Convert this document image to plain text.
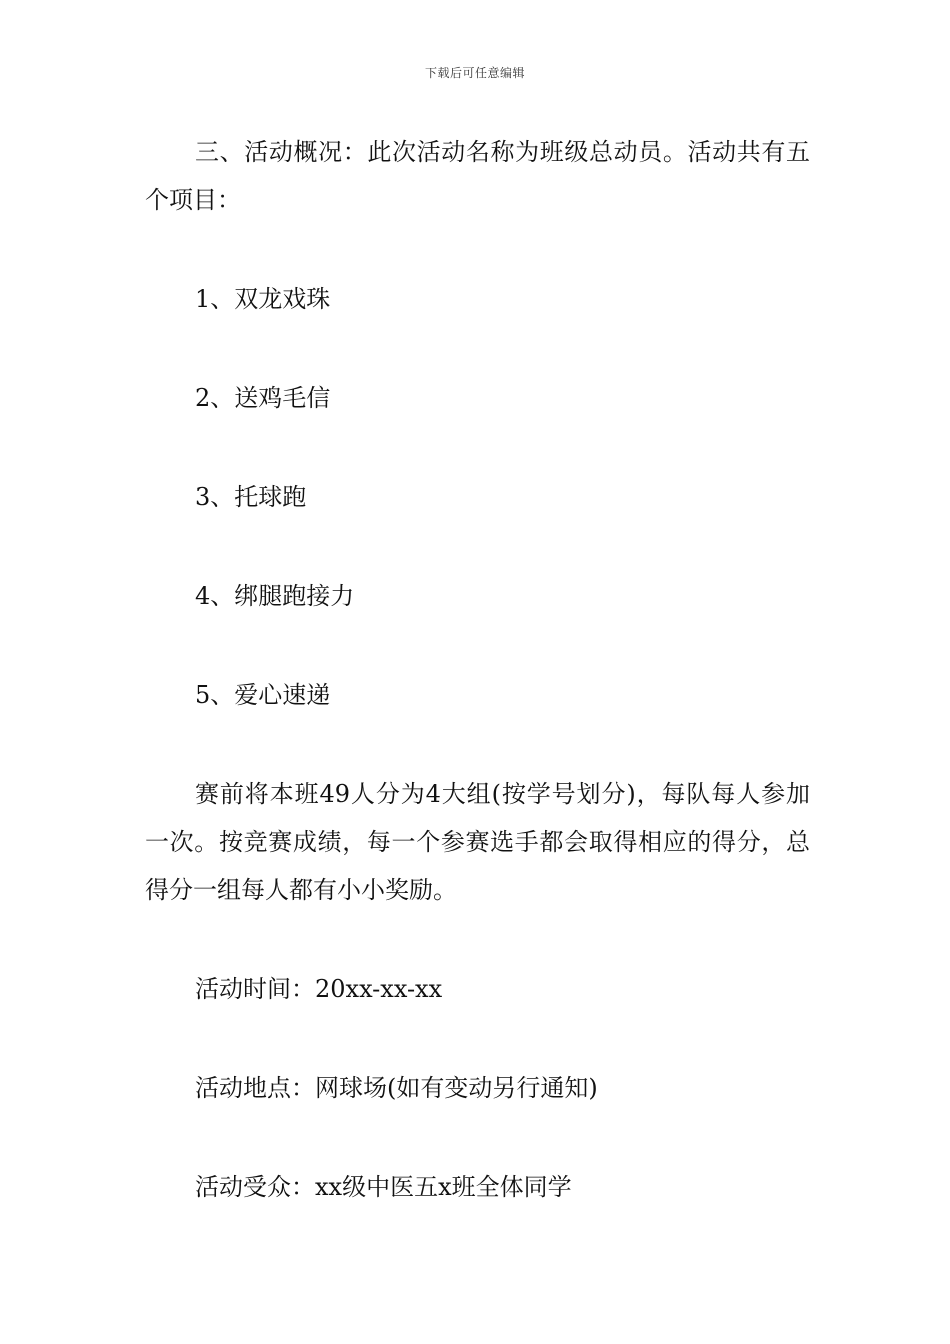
下载后可任意编辑

三、活动概况：此次活动名称为班级总动员。活动共有五个项目：

1、双龙戏珠

2、送鸡毛信

3、托球跑

4、绑腿跑接力

5、爱心速递

赛前将本班49人分为4大组(按学号划分)，每队每人参加一次。按竞赛成绩，每一个参赛选手都会取得相应的得分，总得分一组每人都有小小奖励。

活动时间：20xx-xx-xx

活动地点：网球场(如有变动另行通知)

活动受众：xx级中医五x班全体同学
